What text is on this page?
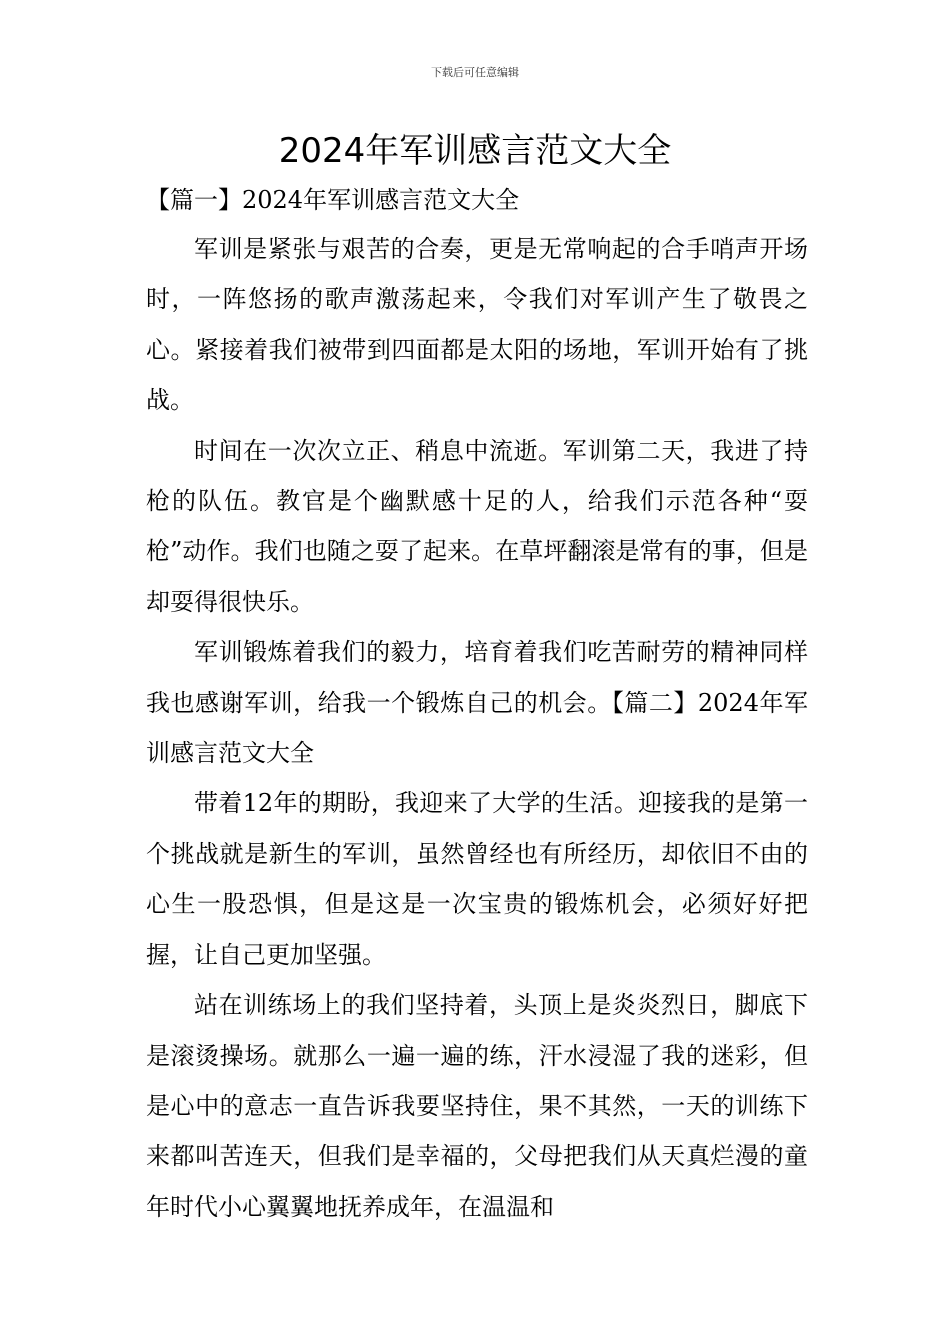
下载后可任意编辑
2024年军训感言范文大全

【篇一】2024年军训感言范文大全

军训是紧张与艰苦的合奏，更是无常响起的合手哨声开场时，一阵悠扬的歌声激荡起来，令我们对军训产生了敬畏之心。紧接着我们被带到四面都是太阳的场地，军训开始有了挑战。

时间在一次次立正、稍息中流逝。军训第二天，我进了持枪的队伍。教官是个幽默感十足的人，给我们示范各种“耍枪”动作。我们也随之耍了起来。在草坪翻滚是常有的事，但是却耍得很快乐。

军训锻炼着我们的毅力，培育着我们吃苦耐劳的精神同样我也感谢军训，给我一个锻炼自己的机会。【篇二】2024年军训感言范文大全

带着12年的期盼，我迎来了大学的生活。迎接我的是第一个挑战就是新生的军训，虽然曾经也有所经历，却依旧不由的心生一股恐惧，但是这是一次宝贵的锻炼机会，必须好好把握，让自己更加坚强。

站在训练场上的我们坚持着，头顶上是炎炎烈日，脚底下是滚烫操场。就那么一遍一遍的练，汗水浸湿了我的迷彩，但是心中的意志一直告诉我要坚持住，果不其然，一天的训练下来都叫苦连天，但我们是幸福的，父母把我们从天真烂漫的童年时代小心翼翼地抚养成年，在温温和
